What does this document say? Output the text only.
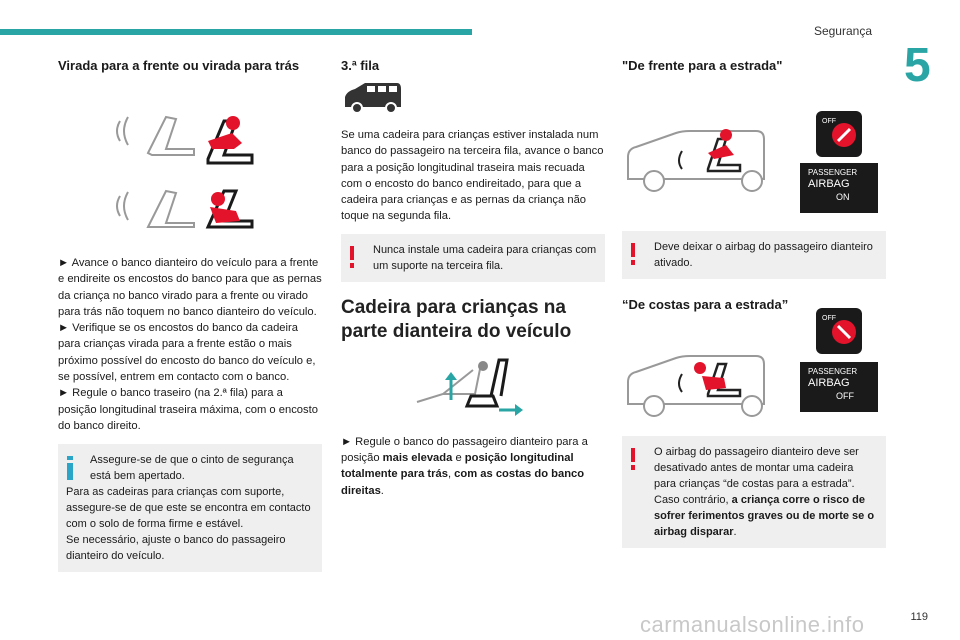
Segurança
5
Virada para a frente ou virada para trás

► Avance o banco dianteiro do veículo para a frente e endireite os encostos do banco para que as pernas da criança no banco virado para a frente ou virado para trás não toquem no banco dianteiro do veículo.

► Verifique se os encostos do banco da cadeira para crianças virada para a frente estão o mais próximo possível do encosto do banco do veículo e, se possível, entrem em contacto com o banco.

► Regule o banco traseiro (na 2.ª fila) para a posição longitudinal traseira máxima, com o encosto do banco direito.

Assegure-se de que o cinto de segurança está bem apertado.
Para as cadeiras para crianças com suporte, assegure-se de que este se encontra em contacto com o solo de forma firme e estável.
Se necessário, ajuste o banco do passageiro dianteiro do veículo.
3.ª fila

Se uma cadeira para crianças estiver instalada num banco do passageiro na terceira fila, avance o banco para a posição longitudinal traseira mais recuada com o encosto do banco endireitado, para que a cadeira para crianças e as pernas da criança não toque na segunda fila.

Nunca instale uma cadeira para crianças com um suporte na terceira fila.
Cadeira para crianças na parte dianteira do veículo

► Regule o banco do passageiro dianteiro para a posição mais elevada e posição longitudinal totalmente para trás, com as costas do banco direitas.

"De frente para a estrada"
OFF
PASSENGER
AIRBAG
ON
Deve deixar o airbag do passageiro dianteiro ativado.
“De costas para a estrada”
OFF
PASSENGER
AIRBAG
OFF
O airbag do passageiro dianteiro deve ser desativado antes de montar uma cadeira para crianças “de costas para a estrada”. Caso contrário, a criança corre o risco de sofrer ferimentos graves ou de morte se o airbag disparar.
carmanualsonline.info	119
